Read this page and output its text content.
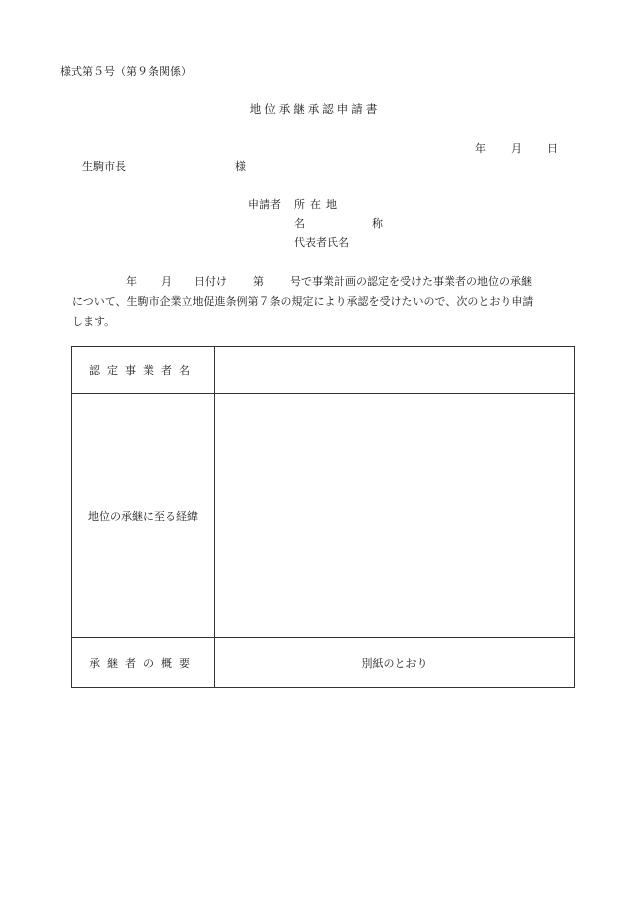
様式第５号（第９条関係）
地位承継承認申請書
年 月 日
生駒市長	様
申請者 所在地
名　称
代表者氏名
年 月 日付け 第 号で事業計画の認定を受けた事業者の地位の承継
について、生駒市企業立地促進条例第７条の規定により承認を受けたいので、次のとおり申請
します。
認定事業者名	
地位の承継に至る経緯	
承継者の概要	別紙のとおり
